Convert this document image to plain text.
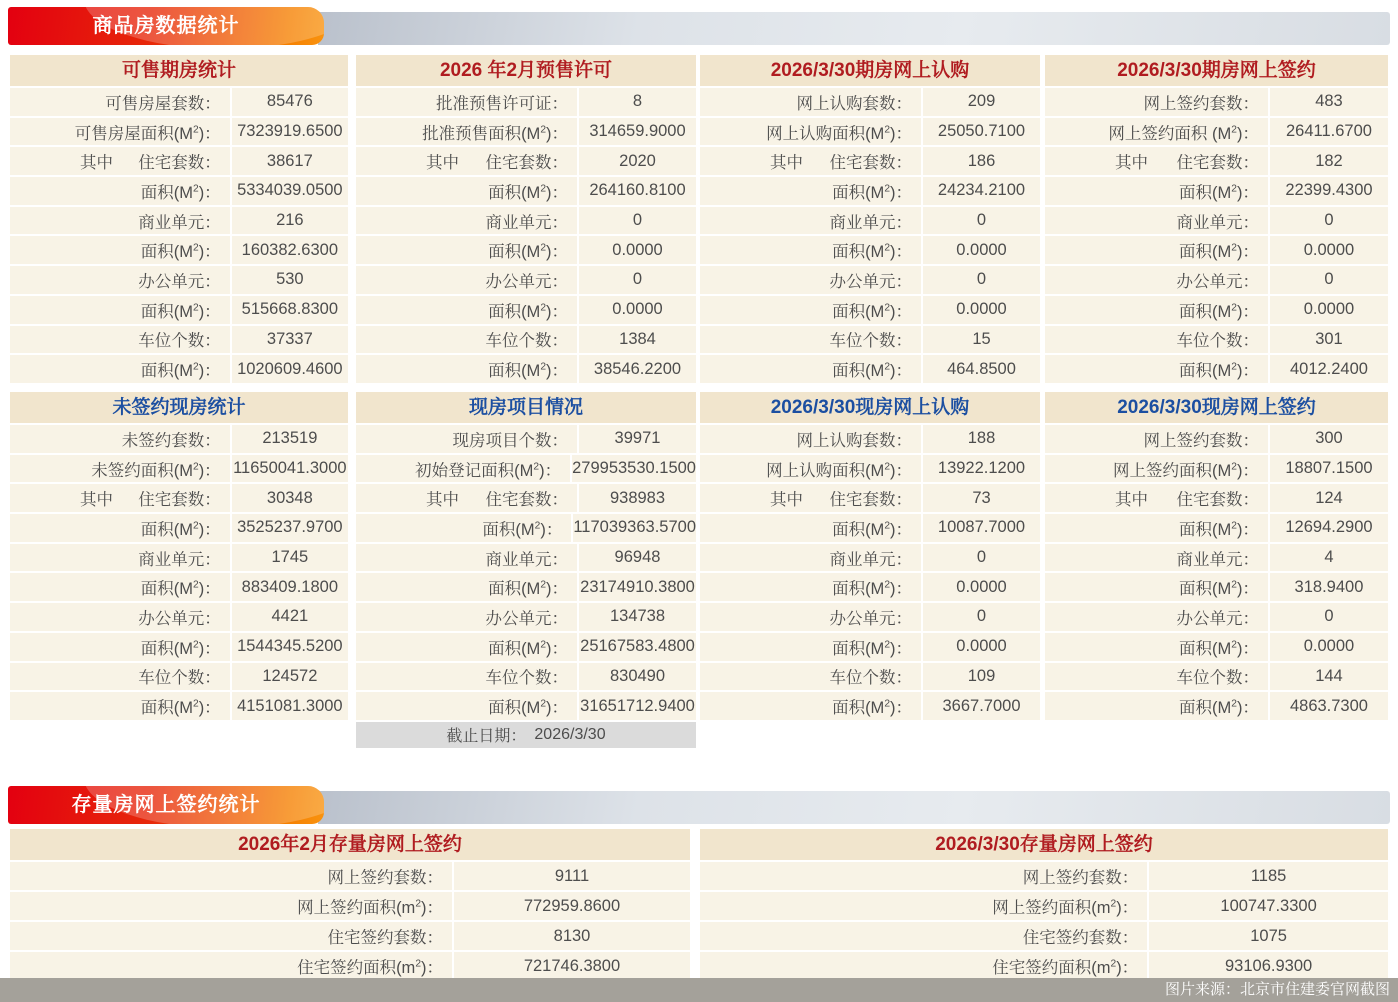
商品房数据统计
可售期房统计
可售房屋套数：	85476
可售房屋面积$(M^2)$： 7323919.6500
其中 住宅套数：	38617
面积$(M^2)$： 5334039.0500
商业单元：	216
面积$(M^2)$：	160382.6300
办公单元：	530
面积$(M^2)$：	515668.8300
车位个数：	37337
面积$(M^2)$： 1020609.4600
2026 年2月预售许可
批准预售许可证：	8
批准预售面积$(M^2)$：	314659.9000
其中 住宅套数：	2020
面积$(M^2)$：	264160.8100
商业单元：	0
面积$(M^2)$：	0.0000
办公单元：	0
面积$(M^2)$：	0.0000
车位个数：	1384
面积$(M^2)$：	38546.2200
2026/3/30期房网上认购
网上认购套数：	209
网上认购面积$(M^2)$：	25050.7100
其中 住宅套数：	186
面积$(M^2)$：	24234.2100
商业单元：	0
面积$(M^2)$：	0.0000
办公单元：	0
面积$(M^2)$：	0.0000
车位个数：	15
面积$(M^2)$：	464.8500
2026/3/30期房网上签约
网上签约套数：	483
网上签约面积 $(M^2)$：	26411.6700
其中 住宅套数：	182
面积$(M^2)$：	22399.4300
商业单元：	0
面积$(M^2)$：	0.0000
办公单元：	0
面积$(M^2)$：	0.0000
车位个数：	301
面积$(M^2)$：	4012.2400
未签约现房统计
未签约套数：	213519
未签约面积$(M^2)$： 11650041.3000
其中 住宅套数：	30348
面积$(M^2)$： 3525237.9700
商业单元：	1745
面积$(M^2)$：	883409.1800
办公单元：	4421
面积$(M^2)$： 1544345.5200
车位个数：	124572
面积$(M^2)$： 4151081.3000
现房项目情况
现房项目个数：	39971
初始登记面积$(M^2)$： 279953530.1500
其中 住宅套数：	938983
面积$(M^2)$： 117039363.5700
商业单元：	96948
面积$(M^2)$： 23174910.3800
办公单元：	134738
面积$(M^2)$： 25167583.4800
车位个数：	830490
面积$(M^2)$： 31651712.9400
截止日期： 2026/3/30
2026/3/30现房网上认购
网上认购套数：	188
网上认购面积$(M^2)$：	13922.1200
其中 住宅套数：	73
面积$(M^2)$：	10087.7000
商业单元：	0
面积$(M^2)$：	0.0000
办公单元：	0
面积$(M^2)$：	0.0000
车位个数：	109
面积$(M^2)$：	3667.7000
2026/3/30现房网上签约
网上签约套数：	300
网上签约面积$(M^2)$：	18807.1500
其中 住宅套数：	124
面积$(M^2)$：	12694.2900
商业单元：	4
面积$(M^2)$：	318.9400
办公单元：	0
面积$(M^2)$：	0.0000
车位个数：	144
面积$(M^2)$：	4863.7300
存量房网上签约统计
2026年2月存量房网上签约
网上签约套数：	9111
网上签约面积$(m^2)$：	772959.8600
住宅签约套数：	8130
住宅签约面积$(m^2)$：	721746.3800
2026/3/30存量房网上签约
网上签约套数：	1185
网上签约面积$(m^2)$：	100747.3300
住宅签约套数：	1075
住宅签约面积$(m^2)$：	93106.9300
图片来源：北京市住建委官网截图
